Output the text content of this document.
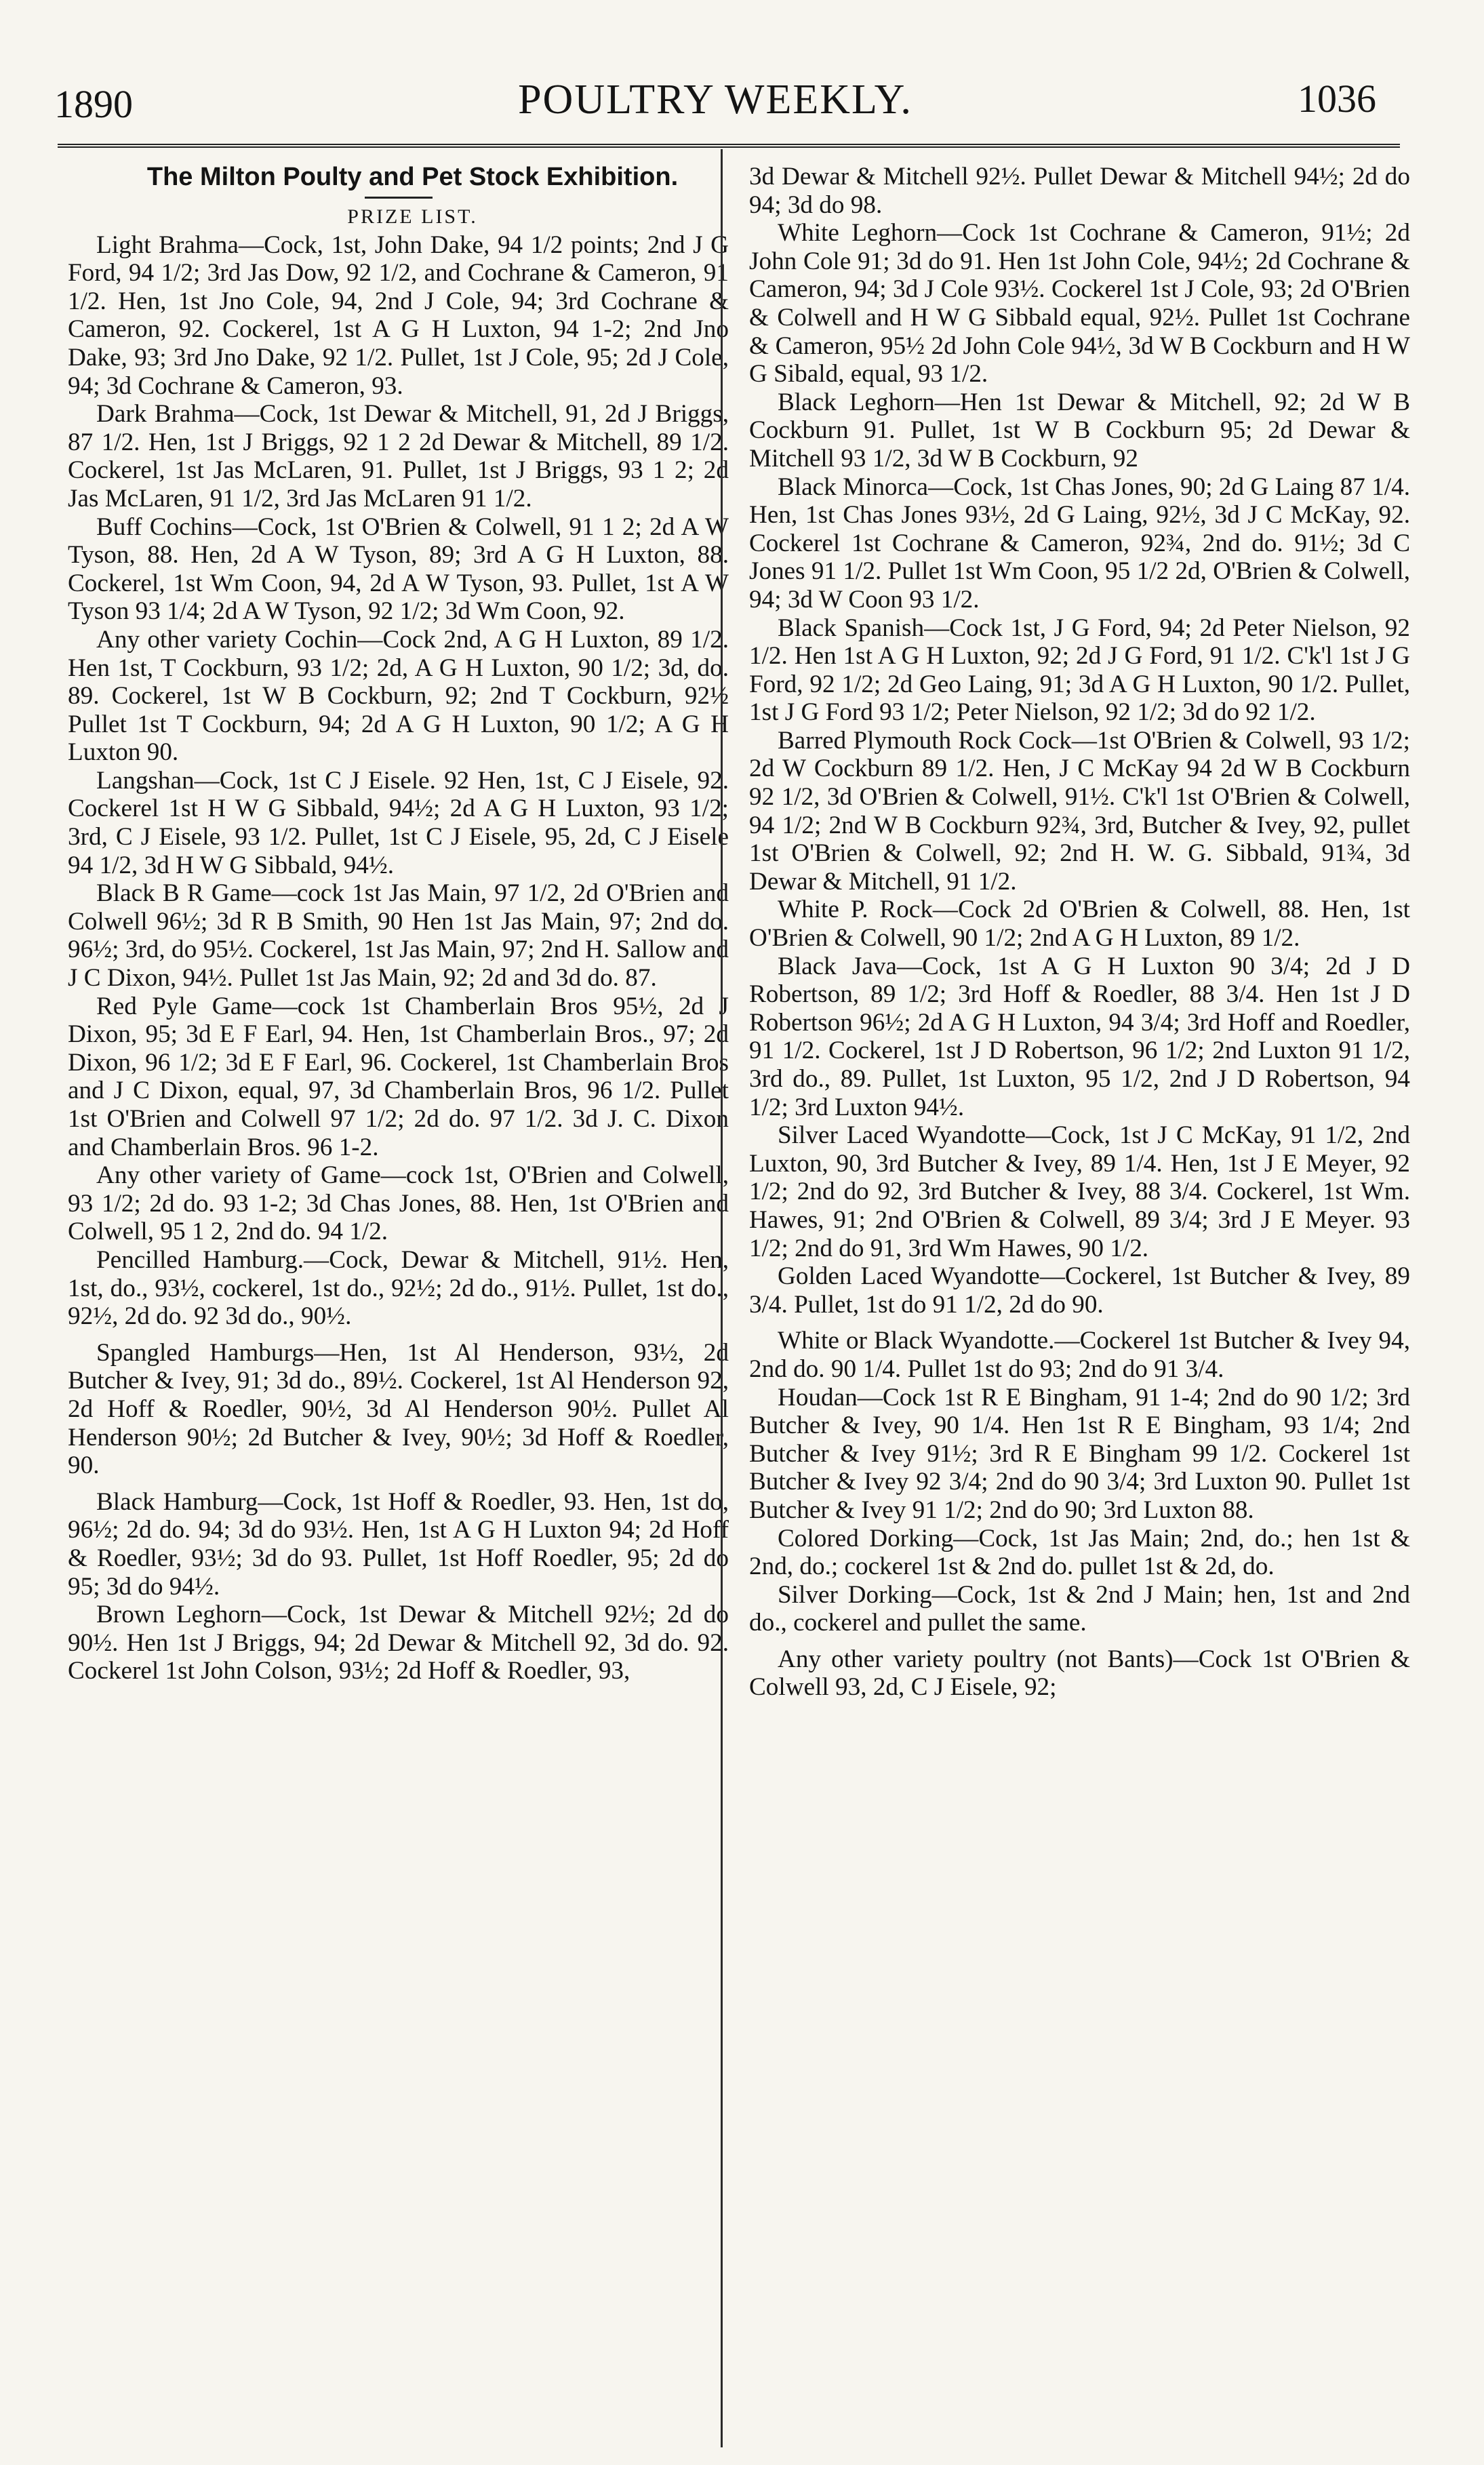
1890	POULTRY WEEKLY.	1036

The Milton Poulty and Pet Stock Exhibition.

PRIZE LIST.

Light Brahma—Cock, 1st, John Dake, 94 1/2 points; 2nd J G Ford, 94 1/2; 3rd Jas Dow, 92 1/2, and Cochrane & Cameron, 91 1/2. Hen, 1st Jno Cole, 94, 2nd J Cole, 94; 3rd Cochrane & Cameron, 92. Cockerel, 1st A G H Luxton, 94 1-2; 2nd Jno Dake, 93; 3rd Jno Dake, 92 1/2. Pullet, 1st J Cole, 95; 2d J Cole, 94; 3d Cochrane & Cameron, 93.

Dark Brahma—Cock, 1st Dewar & Mitchell, 91, 2d J Briggs, 87 1/2. Hen, 1st J Briggs, 92 1 2 2d Dewar & Mitchell, 89 1/2. Cockerel, 1st Jas McLaren, 91. Pullet, 1st J Briggs, 93 1 2; 2d Jas McLaren, 91 1/2, 3rd Jas McLaren 91 1/2.

Buff Cochins—Cock, 1st O'Brien & Colwell, 91 1 2; 2d A W Tyson, 88. Hen, 2d A W Tyson, 89; 3rd A G H Luxton, 88. Cockerel, 1st Wm Coon, 94, 2d A W Tyson, 93. Pullet, 1st A W Tyson 93 1/4; 2d A W Tyson, 92 1/2; 3d Wm Coon, 92.

Any other variety Cochin—Cock 2nd, A G H Luxton, 89 1/2. Hen 1st, T Cockburn, 93 1/2; 2d, A G H Luxton, 90 1/2; 3d, do. 89. Cockerel, 1st W B Cockburn, 92; 2nd T Cockburn, 92½ Pullet 1st T Cockburn, 94; 2d A G H Luxton, 90 1/2; A G H Luxton 90.

Langshan—Cock, 1st C J Eisele. 92 Hen, 1st, C J Eisele, 92. Cockerel 1st H W G Sibbald, 94½; 2d A G H Luxton, 93 1/2; 3rd, C J Eisele, 93 1/2. Pullet, 1st C J Eisele, 95, 2d, C J Eisele 94 1/2, 3d H W G Sibbald, 94½.

Black B R Game—cock 1st Jas Main, 97 1/2, 2d O'Brien and Colwell 96½; 3d R B Smith, 90 Hen 1st Jas Main, 97; 2nd do. 96½; 3rd, do 95½. Cockerel, 1st Jas Main, 97; 2nd H. Sallow and J C Dixon, 94½. Pullet 1st Jas Main, 92; 2d and 3d do. 87.

Red Pyle Game—cock 1st Chamberlain Bros 95½, 2d J Dixon, 95; 3d E F Earl, 94. Hen, 1st Chamberlain Bros., 97; 2d Dixon, 96 1/2; 3d E F Earl, 96. Cockerel, 1st Chamberlain Bros and J C Dixon, equal, 97, 3d Chamberlain Bros, 96 1/2. Pullet 1st O'Brien and Colwell 97 1/2; 2d do. 97 1/2. 3d J. C. Dixon and Chamberlain Bros. 96 1-2.

Any other variety of Game—cock 1st, O'Brien and Colwell, 93 1/2; 2d do. 93 1-2; 3d Chas Jones, 88. Hen, 1st O'Brien and Colwell, 95 1 2, 2nd do. 94 1/2.

Pencilled Hamburg.—Cock, Dewar & Mitchell, 91½. Hen, 1st, do., 93½, cockerel, 1st do., 92½; 2d do., 91½. Pullet, 1st do., 92½, 2d do. 92 3d do., 90½.

Spangled Hamburgs—Hen, 1st Al Henderson, 93½, 2d Butcher & Ivey, 91; 3d do., 89½. Cockerel, 1st Al Henderson 92, 2d Hoff & Roedler, 90½, 3d Al Henderson 90½. Pullet Al Henderson 90½; 2d Butcher & Ivey, 90½; 3d Hoff & Roedler, 90.

Black Hamburg—Cock, 1st Hoff & Roedler, 93. Hen, 1st do, 96½; 2d do. 94; 3d do 93½. Hen, 1st A G H Luxton 94; 2d Hoff & Roedler, 93½; 3d do 93. Pullet, 1st Hoff Roedler, 95; 2d do 95; 3d do 94½.

Brown Leghorn—Cock, 1st Dewar & Mitchell 92½; 2d do 90½. Hen 1st J Briggs, 94; 2d Dewar & Mitchell 92, 3d do. 92. Cockerel 1st John Colson, 93½; 2d Hoff & Roedler, 93,

3d Dewar & Mitchell 92½. Pullet Dewar & Mitchell 94½; 2d do 94; 3d do 98.

White Leghorn—Cock 1st Cochrane & Cameron, 91½; 2d John Cole 91; 3d do 91. Hen 1st John Cole, 94½; 2d Cochrane & Cameron, 94; 3d J Cole 93½. Cockerel 1st J Cole, 93; 2d O'Brien & Colwell and H W G Sibbald equal, 92½. Pullet 1st Cochrane & Cameron, 95½ 2d John Cole 94½, 3d W B Cockburn and H W G Sibald, equal, 93 1/2.

Black Leghorn—Hen 1st Dewar & Mitchell, 92; 2d W B Cockburn 91. Pullet, 1st W B Cockburn 95; 2d Dewar & Mitchell 93 1/2, 3d W B Cockburn, 92

Black Minorca—Cock, 1st Chas Jones, 90; 2d G Laing 87 1/4. Hen, 1st Chas Jones 93½, 2d G Laing, 92½, 3d J C McKay, 92. Cockerel 1st Cochrane & Cameron, 92¾, 2nd do. 91½; 3d C Jones 91 1/2. Pullet 1st Wm Coon, 95 1/2 2d, O'Brien & Colwell, 94; 3d W Coon 93 1/2.

Black Spanish—Cock 1st, J G Ford, 94; 2d Peter Nielson, 92 1/2. Hen 1st A G H Luxton, 92; 2d J G Ford, 91 1/2. C'k'l 1st J G Ford, 92 1/2; 2d Geo Laing, 91; 3d A G H Luxton, 90 1/2. Pullet, 1st J G Ford 93 1/2; Peter Nielson, 92 1/2; 3d do 92 1/2.

Barred Plymouth Rock Cock—1st O'Brien & Colwell, 93 1/2; 2d W Cockburn 89 1/2. Hen, J C McKay 94 2d W B Cockburn 92 1/2, 3d O'Brien & Colwell, 91½. C'k'l 1st O'Brien & Colwell, 94 1/2; 2nd W B Cockburn 92¾, 3rd, Butcher & Ivey, 92, pullet 1st O'Brien & Colwell, 92; 2nd H. W. G. Sibbald, 91¾, 3d Dewar & Mitchell, 91 1/2.

White P. Rock—Cock 2d O'Brien & Colwell, 88. Hen, 1st O'Brien & Colwell, 90 1/2; 2nd A G H Luxton, 89 1/2.

Black Java—Cock, 1st A G H Luxton 90 3/4; 2d J D Robertson, 89 1/2; 3rd Hoff & Roedler, 88 3/4. Hen 1st J D Robertson 96½; 2d A G H Luxton, 94 3/4; 3rd Hoff and Roedler, 91 1/2. Cockerel, 1st J D Robertson, 96 1/2; 2nd Luxton 91 1/2, 3rd do., 89. Pullet, 1st Luxton, 95 1/2, 2nd J D Robertson, 94 1/2; 3rd Luxton 94½.

Silver Laced Wyandotte—Cock, 1st J C McKay, 91 1/2, 2nd Luxton, 90, 3rd Butcher & Ivey, 89 1/4. Hen, 1st J E Meyer, 92 1/2; 2nd do 92, 3rd Butcher & Ivey, 88 3/4. Cockerel, 1st Wm. Hawes, 91; 2nd O'Brien & Colwell, 89 3/4; 3rd J E Meyer. 93 1/2; 2nd do 91, 3rd Wm Hawes, 90 1/2.

Golden Laced Wyandotte—Cockerel, 1st Butcher & Ivey, 89 3/4. Pullet, 1st do 91 1/2, 2d do 90.

White or Black Wyandotte.—Cockerel 1st Butcher & Ivey 94, 2nd do. 90 1/4. Pullet 1st do 93; 2nd do 91 3/4.

Houdan—Cock 1st R E Bingham, 91 1-4; 2nd do 90 1/2; 3rd Butcher & Ivey, 90 1/4. Hen 1st R E Bingham, 93 1/4; 2nd Butcher & Ivey 91½; 3rd R E Bingham 99 1/2. Cockerel 1st Butcher & Ivey 92 3/4; 2nd do 90 3/4; 3rd Luxton 90. Pullet 1st Butcher & Ivey 91 1/2; 2nd do 90; 3rd Luxton 88.

Colored Dorking—Cock, 1st Jas Main; 2nd, do.; hen 1st & 2nd, do.; cockerel 1st & 2nd do. pullet 1st & 2d, do.

Silver Dorking—Cock, 1st & 2nd J Main; hen, 1st and 2nd do., cockerel and pullet the same.

Any other variety poultry (not Bants)—Cock 1st O'Brien & Colwell 93, 2d, C J Eisele, 92;
